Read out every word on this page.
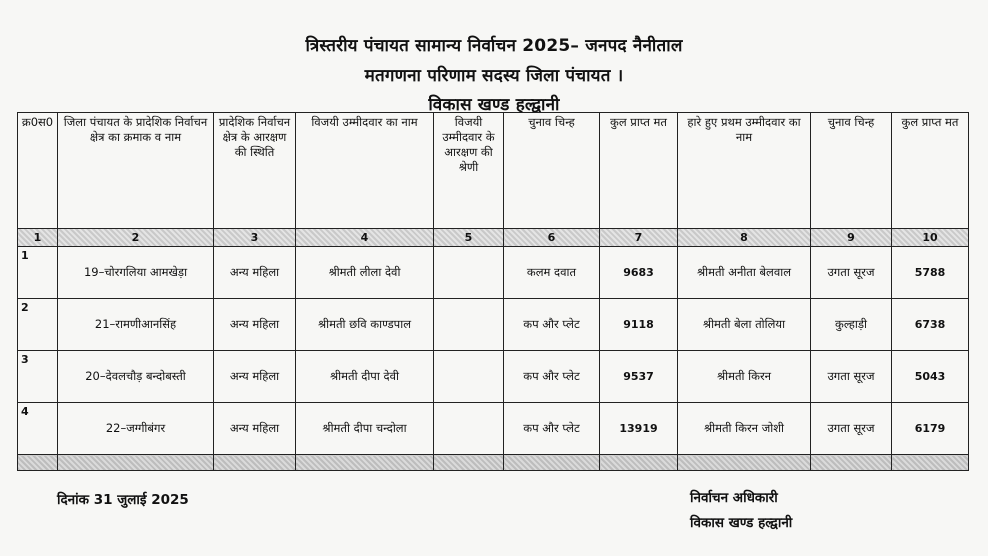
त्रिस्तरीय पंचायत सामान्य निर्वाचन 2025– जनपद नैनीताल
मतगणना परिणाम सदस्य जिला पंचायत ।
विकास खण्ड हल्द्वानी
क्र0स0	जिला पंचायत के प्रादेशिक निर्वाचन क्षेत्र का क्रमाक व नाम	प्रादेशिक निर्वाचन क्षेत्र के आरक्षण की स्थिति	विजयी उम्मीदवार का नाम	विजयी उम्मीदवार के आरक्षण की श्रेणी	चुनाव चिन्ह	कुल प्राप्त मत	हारे हुए प्रथम उम्मीदवार का नाम	चुनाव चिन्ह	कुल प्राप्त मत
1	2	3	4	5	6	7	8	9	10
1	19–चोरगलिया आमखेड़ा	अन्य महिला	श्रीमती लीला देवी		कलम दवात	9683	श्रीमती अनीता बेलवाल	उगता सूरज	5788
2	21–रामणीआनसिंह	अन्य महिला	श्रीमती छवि काण्डपाल		कप और प्लेट	9118	श्रीमती बेला तोलिया	कुल्हाड़ी	6738
3	20–देवलचौड़ बन्दोबस्ती	अन्य महिला	श्रीमती दीपा देवी		कप और प्लेट	9537	श्रीमती किरन	उगता सूरज	5043
4	22–जग्गीबंगर	अन्य महिला	श्रीमती दीपा चन्दोला		कप और प्लेट	13919	श्रीमती किरन जोशी	उगता सूरज	6179

दिनांक 31 जुलाई 2025	निर्वाचन अधिकारी
विकास खण्ड हल्द्वानी
